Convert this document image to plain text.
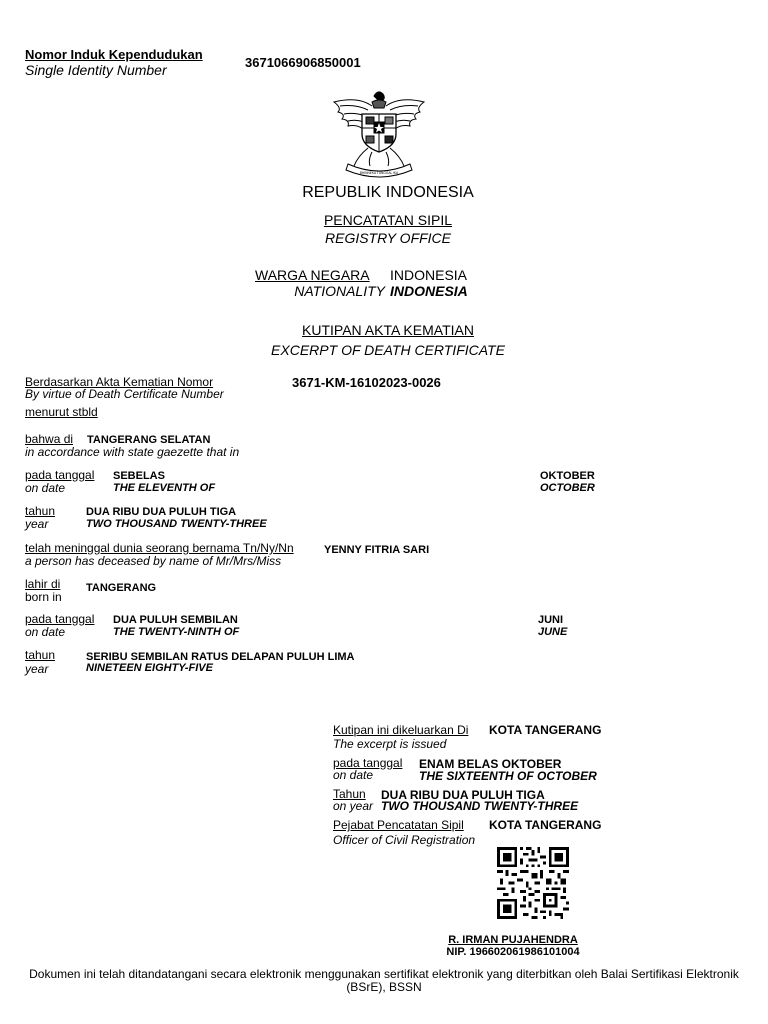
Nomor Induk Kependudukan
Single Identity Number	3671066906850001
BHINNEKA TUNGGAL IKA
REPUBLIK INDONESIA
PENCATATAN SIPIL
REGISTRY OFFICE
WARGA NEGARA INDONESIA
NATIONALITY INDONESIA
KUTIPAN AKTA KEMATIAN
EXCERPT OF DEATH CERTIFICATE
Berdasarkan Akta Kematian Nomor
By virtue of Death Certificate Number
3671-KM-16102023-0026
menurut stbld
bahwa di TANGERANG SELATAN
in accordance with state gaezette that in
pada tanggal
on date
SEBELAS
THE ELEVENTH OF
OKTOBER
OCTOBER
tahun
year
DUA RIBU DUA PULUH TIGA
TWO THOUSAND TWENTY-THREE
telah meninggal dunia seorang bernama Tn/Ny/Nn
a person has deceased by name of Mr/Mrs/Miss
YENNY FITRIA SARI
lahir di
born in
TANGERANG
pada tanggal
on date
DUA PULUH SEMBILAN
THE TWENTY-NINTH OF
JUNI
JUNE
tahun
year
SERIBU SEMBILAN RATUS DELAPAN PULUH LIMA
NINETEEN EIGHTY-FIVE
Kutipan ini dikeluarkan Di
The excerpt is issued
KOTA TANGERANG
pada tanggal
on date
ENAM BELAS OKTOBER
THE SIXTEENTH OF OCTOBER
Tahun
on year
DUA RIBU DUA PULUH TIGA
TWO THOUSAND TWENTY-THREE
Pejabat Pencatatan Sipil
Officer of Civil Registration
KOTA TANGERANG
R. IRMAN PUJAHENDRA
NIP. 196602061986101004
Dokumen ini telah ditandatangani secara elektronik menggunakan sertifikat elektronik yang diterbitkan oleh Balai Sertifikasi Elektronik (BSrE), BSSN
